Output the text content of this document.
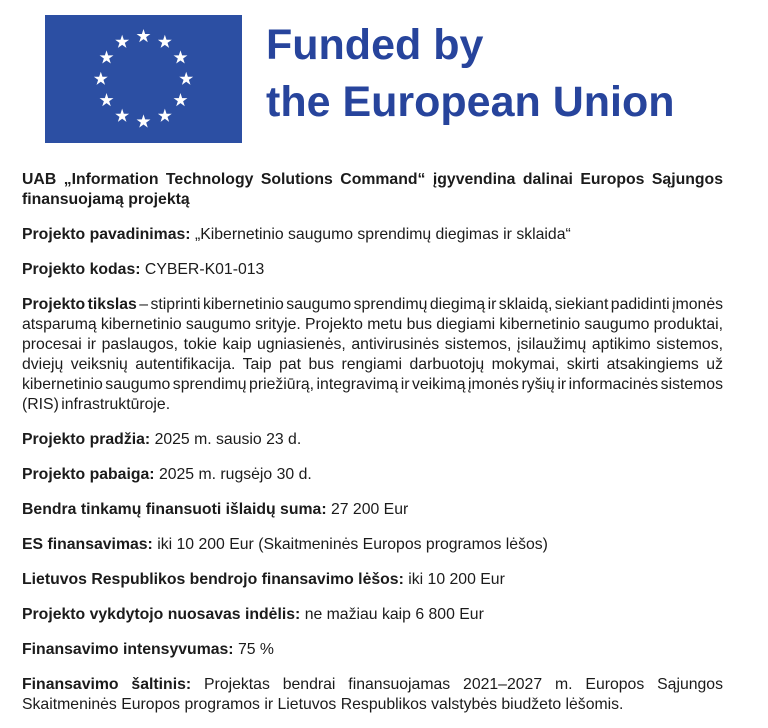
Funded by
the European Union

UAB „Information Technology Solutions Command“ įgyvendina dalinai Europos Sąjungos finansuojamą projektą

Projekto pavadinimas: „Kibernetinio saugumo sprendimų diegimas ir sklaida“

Projekto kodas: CYBER-K01-013

Projekto tikslas – stiprinti kibernetinio saugumo sprendimų diegimą ir sklaidą, siekiant padidinti įmonės atsparumą kibernetinio saugumo srityje. Projekto metu bus diegiami kibernetinio saugumo produktai, procesai ir paslaugos, tokie kaip ugniasienės, antivirusinės sistemos, įsilaužimų aptikimo sistemos, dviejų veiksnių autentifikacija. Taip pat bus rengiami darbuotojų mokymai, skirti atsakingiems už kibernetinio saugumo sprendimų priežiūrą, integravimą ir veikimą įmonės ryšių ir informacinės sistemos (RIS) infrastruktūroje.

Projekto pradžia: 2025 m. sausio 23 d.

Projekto pabaiga: 2025 m. rugsėjo 30 d.

Bendra tinkamų finansuoti išlaidų suma: 27 200 Eur

ES finansavimas: iki 10 200 Eur (Skaitmeninės Europos programos lėšos)

Lietuvos Respublikos bendrojo finansavimo lėšos: iki 10 200 Eur

Projekto vykdytojo nuosavas indėlis: ne mažiau kaip 6 800 Eur

Finansavimo intensyvumas: 75 %

Finansavimo šaltinis: Projektas bendrai finansuojamas 2021–2027 m. Europos Sąjungos Skaitmeninės Europos programos ir Lietuvos Respublikos valstybės biudžeto lėšomis.
